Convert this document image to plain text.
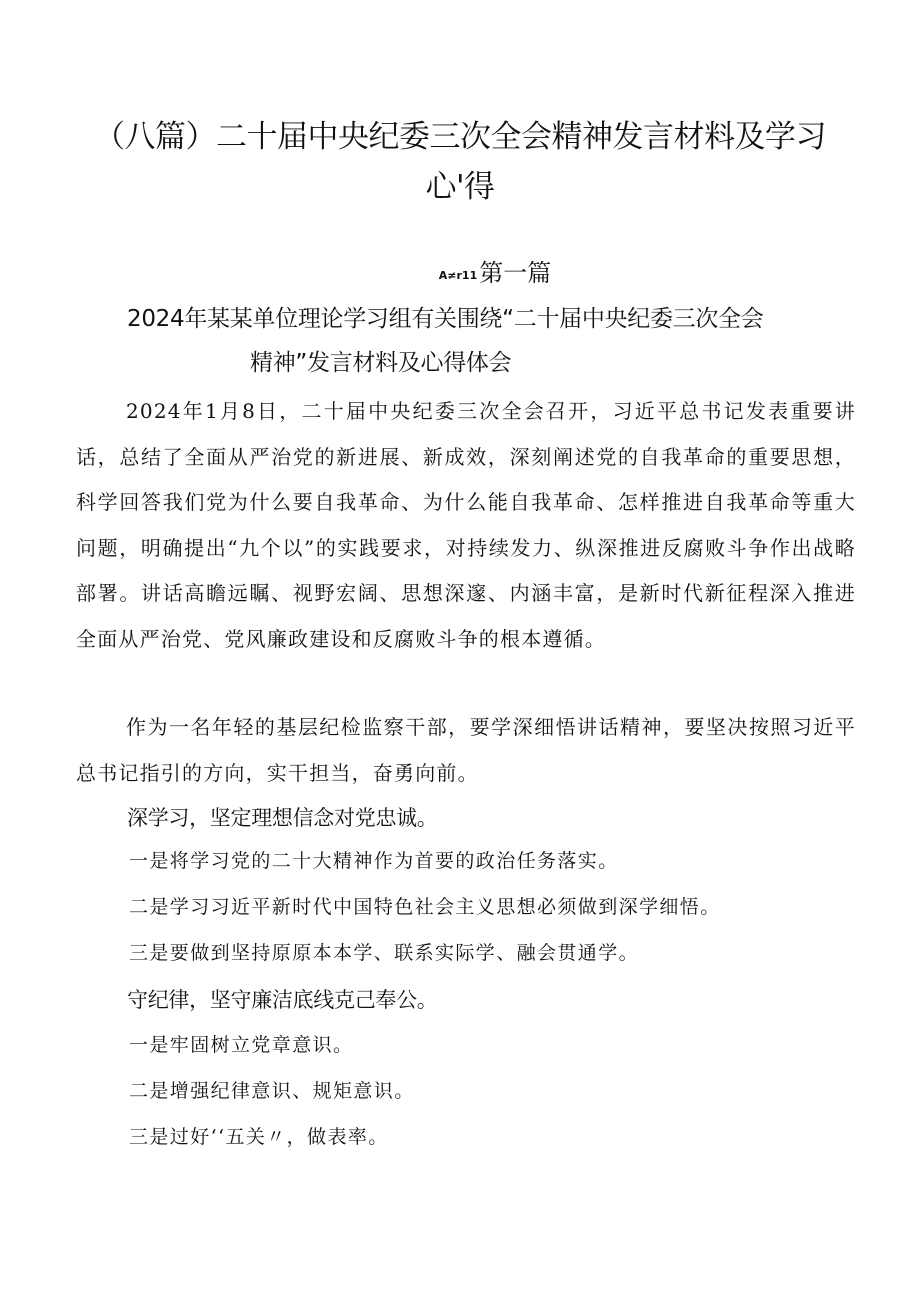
（八篇）二十届中央纪委三次全会精神发言材料及学习心'得
A≠r11第一篇
2024年某某单位理论学习组有关围绕“二十届中央纪委三次全会
精神”发言材料及心得体会

2024年1月8日，二十届中央纪委三次全会召开，习近平总书记发表重要讲话，总结了全面从严治党的新进展、新成效，深刻阐述党的自我革命的重要思想，科学回答我们党为什么要自我革命、为什么能自我革命、怎样推进自我革命等重大问题，明确提出“九个以”的实践要求，对持续发力、纵深推进反腐败斗争作出战略部署。讲话高瞻远瞩、视野宏阔、思想深邃、内涵丰富，是新时代新征程深入推进全面从严治党、党风廉政建设和反腐败斗争的根本遵循。

作为一名年轻的基层纪检监察干部，要学深细悟讲话精神，要坚决按照习近平总书记指引的方向，实干担当，奋勇向前。

深学习，坚定理想信念对党忠诚。
一是将学习党的二十大精神作为首要的政治任务落实。
二是学习习近平新时代中国特色社会主义思想必须做到深学细悟。
三是要做到坚持原原本本学、联系实际学、融会贯通学。
守纪律，坚守廉洁底线克己奉公。
一是牢固树立党章意识。
二是增强纪律意识、规矩意识。
三是过好‘‘五关〃，做表率。
